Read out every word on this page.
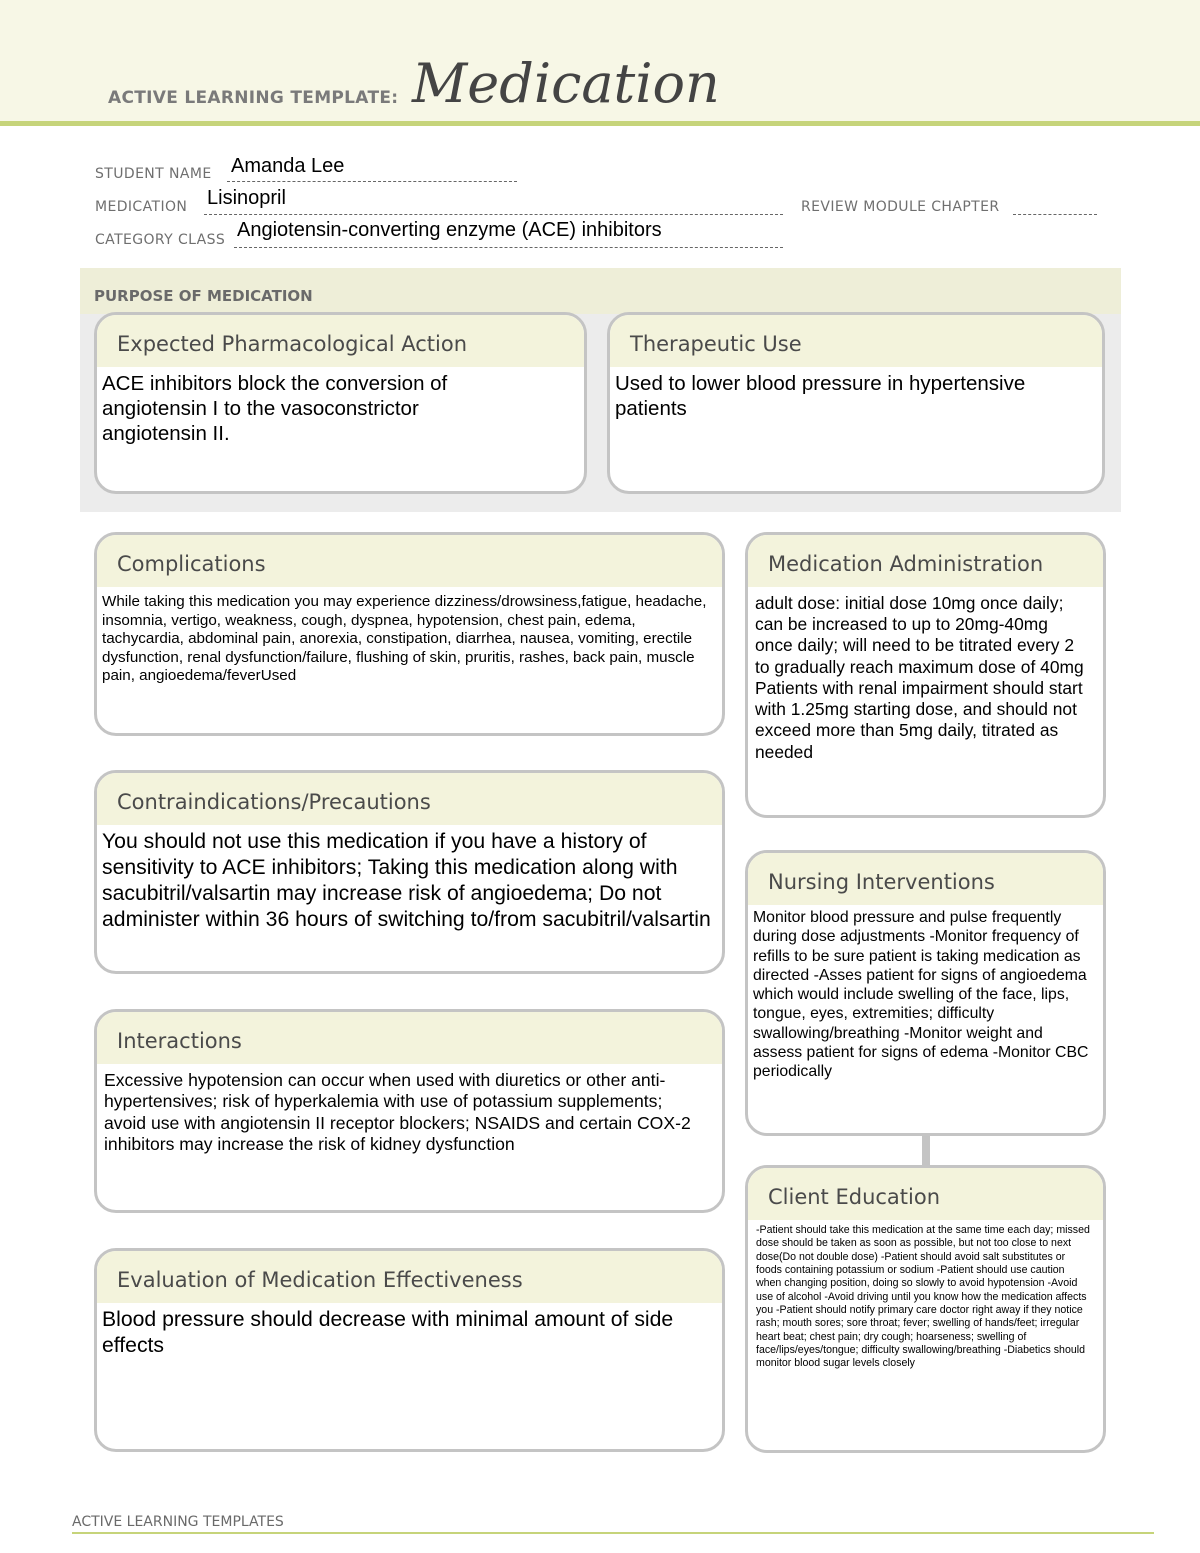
ACTIVE LEARNING TEMPLATE: Medication
STUDENT NAME Amanda Lee
MEDICATION Lisinopril	REVIEW MODULE CHAPTER
CATEGORY CLASS Angiotensin-converting enzyme (ACE) inhibitors
PURPOSE OF MEDICATION
Expected Pharmacological Action
ACE inhibitors block the conversion of angiotensin I to the vasoconstrictor angiotensin II.
Therapeutic Use
Used to lower blood pressure in hypertensive patients
Complications
While taking this medication you may experience dizziness/drowsiness,fatigue, headache, insomnia, vertigo, weakness, cough, dyspnea, hypotension, chest pain, edema, tachycardia, abdominal pain, anorexia, constipation, diarrhea, nausea, vomiting, erectile dysfunction, renal dysfunction/failure, flushing of skin, pruritis, rashes, back pain, muscle pain, angioedema/feverUsed
Medication Administration
adult dose: initial dose 10mg once daily; can be increased to up to 20mg-40mg once daily; will need to be titrated every 2 to gradually reach maximum dose of 40mg Patients with renal impairment should start with 1.25mg starting dose, and should not exceed more than 5mg daily, titrated as needed
Contraindications/Precautions
You should not use this medication if you have a history of sensitivity to ACE inhibitors; Taking this medication along with sacubitril/valsartin may increase risk of angioedema; Do not administer within 36 hours of switching to/from sacubitril/valsartin
Nursing Interventions
Monitor blood pressure and pulse frequently during dose adjustments -Monitor frequency of refills to be sure patient is taking medication as directed -Asses patient for signs of angioedema which would include swelling of the face, lips, tongue, eyes, extremities; difficulty swallowing/breathing -Monitor weight and assess patient for signs of edema -Monitor CBC periodically
Interactions
Excessive hypotension can occur when used with diuretics or other anti-hypertensives; risk of hyperkalemia with use of potassium supplements; avoid use with angiotensin II receptor blockers; NSAIDS and certain COX-2 inhibitors may increase the risk of kidney dysfunction
Client Education
-Patient should take this medication at the same time each day; missed dose should be taken as soon as possible, but not too close to next dose(Do not double dose) -Patient should avoid salt substitutes or foods containing potassium or sodium -Patient should use caution when changing position, doing so slowly to avoid hypotension -Avoid use of alcohol -Avoid driving until you know how the medication affects you -Patient should notify primary care doctor right away if they notice rash; mouth sores; sore throat; fever; swelling of hands/feet; irregular heart beat; chest pain; dry cough; hoarseness; swelling of face/lips/eyes/tongue; difficulty swallowing/breathing -Diabetics should monitor blood sugar levels closely
Evaluation of Medication Effectiveness
Blood pressure should decrease with minimal amount of side effects
ACTIVE LEARNING TEMPLATES
